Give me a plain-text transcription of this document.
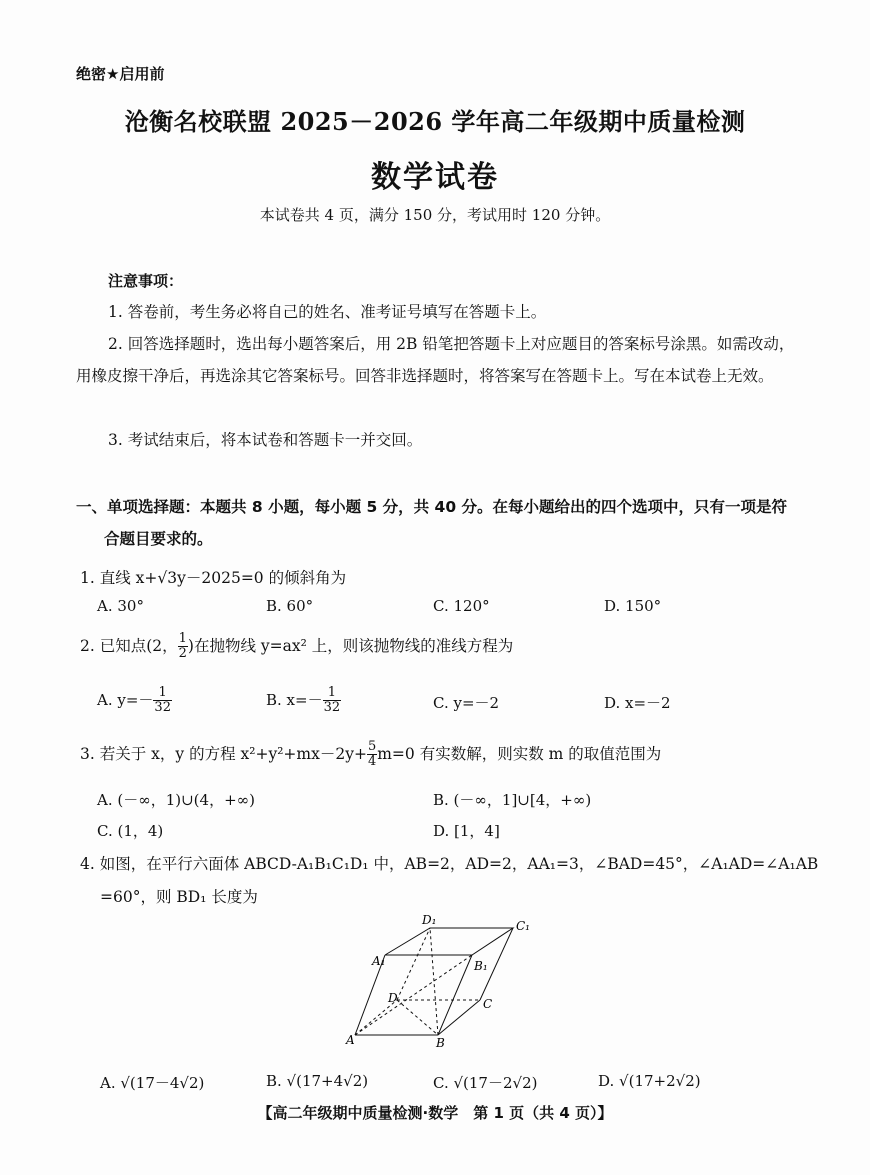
绝密★启用前
沧衡名校联盟 2025－2026 学年高二年级期中质量检测
数学试卷
本试卷共 4 页，满分 150 分，考试用时 120 分钟。
注意事项：
1. 答卷前，考生务必将自己的姓名、准考证号填写在答题卡上。
2. 回答选择题时，选出每小题答案后，用 2B 铅笔把答题卡上对应题目的答案标号涂黑。如需改动，用橡皮擦干净后，再选涂其它答案标号。回答非选择题时，将答案写在答题卡上。写在本试卷上无效。
3. 考试结束后，将本试卷和答题卡一并交回。
一、单项选择题：本题共 8 小题，每小题 5 分，共 40 分。在每小题给出的四个选项中，只有一项是符
合题目要求的。
1. 直线 x+√3y－2025=0 的倾斜角为
A. 30°	B. 60°	C. 120°	D. 150°
2. 已知点(2， $\frac{1}{2}$ )在抛物线 y=ax² 上，则该抛物线的准线方程为
A. $y=- \frac{1}{32}$	B. $x=- \frac{1}{32}$	C. y=－2	D. x=－2
3. 若关于 x，y 的方程 $x^2+y^2+mx-2y+ \frac{5}{4} m=0$ 有实数解，则实数 m 的取值范围为
A. (－∞，1)∪(4，+∞)	B. (－∞，1]∪[4，+∞)
C. (1，4)	D. [1，4]
4. 如图，在平行六面体 ABCD-A₁B₁C₁D₁ 中，AB=2，AD=2，AA₁=3，∠BAD=45°，∠A₁AD=∠A₁AB
=60°，则 BD₁ 长度为
D₁	C₁
A₁	B₁
D	C
A	B
A. √(17－4√2)	B. √(17+4√2)	C. √(17－2√2)	D. √(17+2√2)
【高二年级期中质量检测·数学　第 1 页（共 4 页）】
